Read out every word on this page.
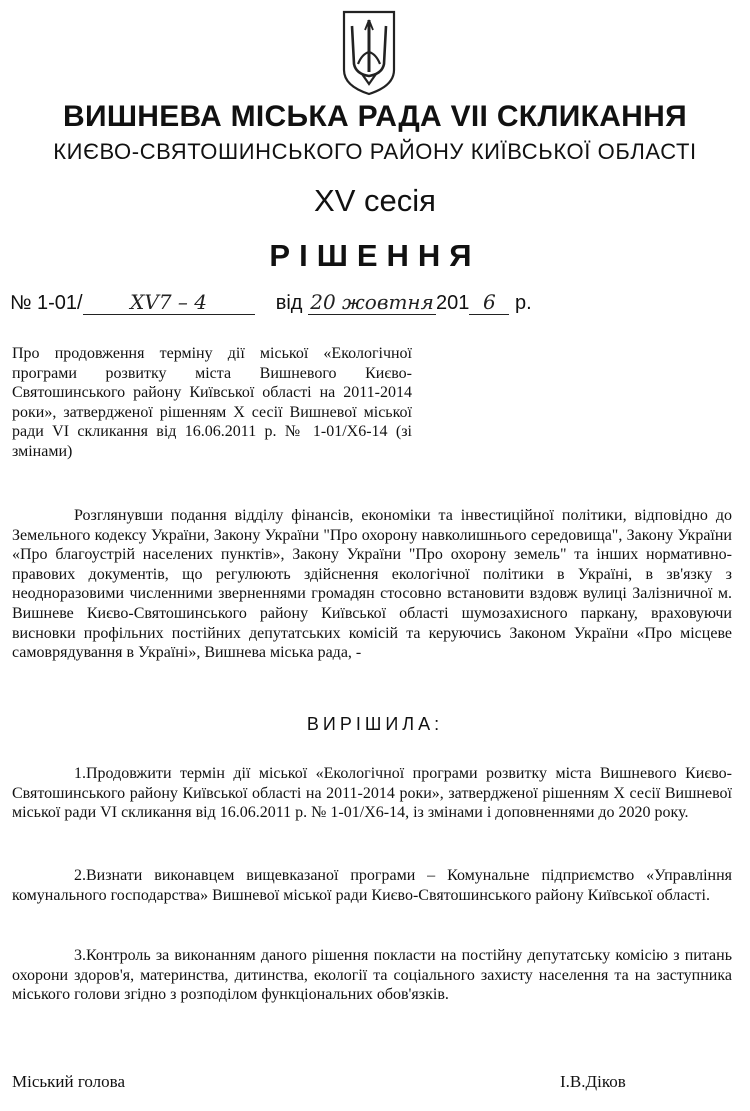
ВИШНЕВА МІСЬКА РАДА VII СКЛИКАННЯ
КИЄВО-СВЯТОШИНСЬКОГО РАЙОНУ КИЇВСЬКОЇ ОБЛАСТІ
XV сесія
РІШЕННЯ
№ 1-01/ XV7 – 4	від 20 жовтня 201 6 р.
Про продовження терміну дії міської «Екологічної програми розвитку міста Вишневого Києво-Святошинського району Київської області на 2011-2014 роки», затвердженої рішенням X сесії Вишневої міської ради VI скликання від 16.06.2011 р. № 1-01/Х6-14 (зі змінами)
Розглянувши подання відділу фінансів, економіки та інвестиційної політики, відповідно до Земельного кодексу України, Закону України "Про охорону навколишнього середовища", Закону України «Про благоустрій населених пунктів», Закону України "Про охорону земель" та інших нормативно-правових документів, що регулюють здійснення екологічної політики в Україні, в зв'язку з неодноразовими численними зверненнями громадян стосовно встановити вздовж вулиці Залізничної м. Вишневе Києво-Святошинського району Київської області шумозахисного паркану, враховуючи висновки профільних постійних депутатських комісій та керуючись Законом України «Про місцеве самоврядування в Україні», Вишнева міська рада, -
ВИРІШИЛА:
1.Продовжити термін дії міської «Екологічної програми розвитку міста Вишневого Києво-Святошинського району Київської області на 2011-2014 роки», затвердженої рішенням X сесії Вишневої міської ради VI скликання від 16.06.2011 р. № 1-01/Х6-14, із змінами і доповненнями до 2020 року.
2.Визнати виконавцем вищевказаної програми – Комунальне підприємство «Управління комунального господарства» Вишневої міської ради Києво-Святошинського району Київської області.
3.Контроль за виконанням даного рішення покласти на постійну депутатську комісію з питань охорони здоров'я, материнства, дитинства, екології та соціального захисту населення та на заступника міського голови згідно з розподілом функціональних обов'язків.
Міський голова	І.В.Діков
